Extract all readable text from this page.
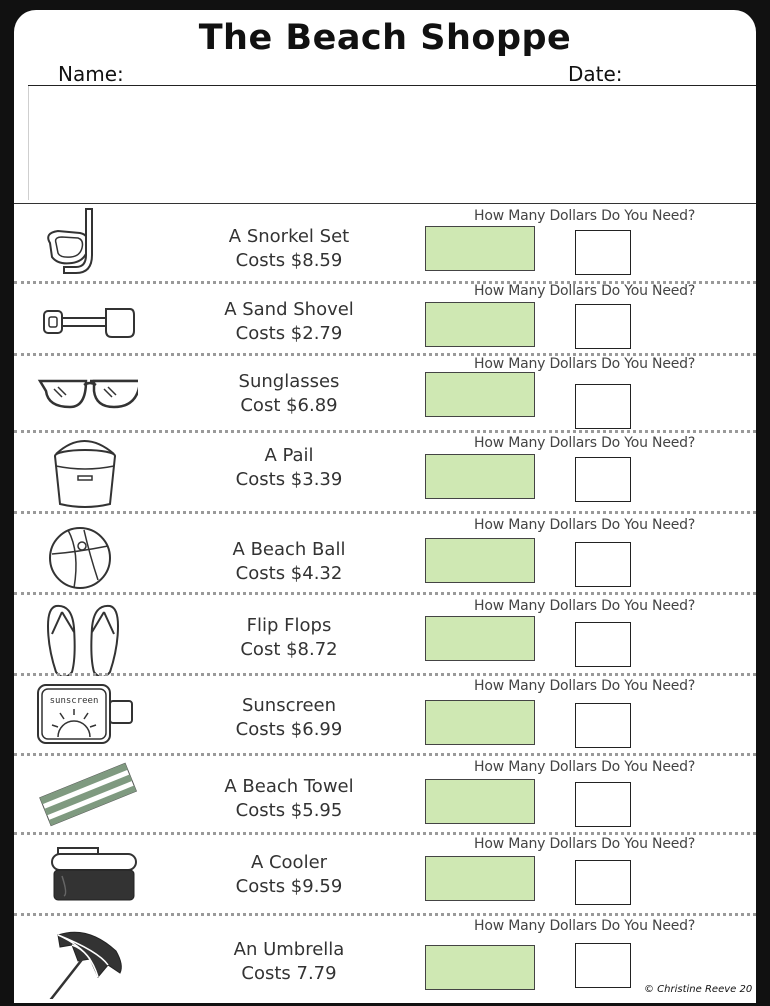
The Beach Shoppe
Name:	Date:
How Many Dollars Do You Need?
A Snorkel Set
Costs $8.59
How Many Dollars Do You Need?
A Sand Shovel
Costs $2.79
How Many Dollars Do You Need?
Sunglasses
Cost $6.89
How Many Dollars Do You Need?
A Pail
Costs $3.39
How Many Dollars Do You Need?
A Beach Ball
Costs $4.32
How Many Dollars Do You Need?
Flip Flops
Cost $8.72
How Many Dollars Do You Need?
Sunscreen
Costs $6.99
sunscreen
How Many Dollars Do You Need?
A Beach Towel
Costs $5.95
How Many Dollars Do You Need?
A Cooler
Costs $9.59
How Many Dollars Do You Need?
An Umbrella
Costs 7.79
© Christine Reeve 20
